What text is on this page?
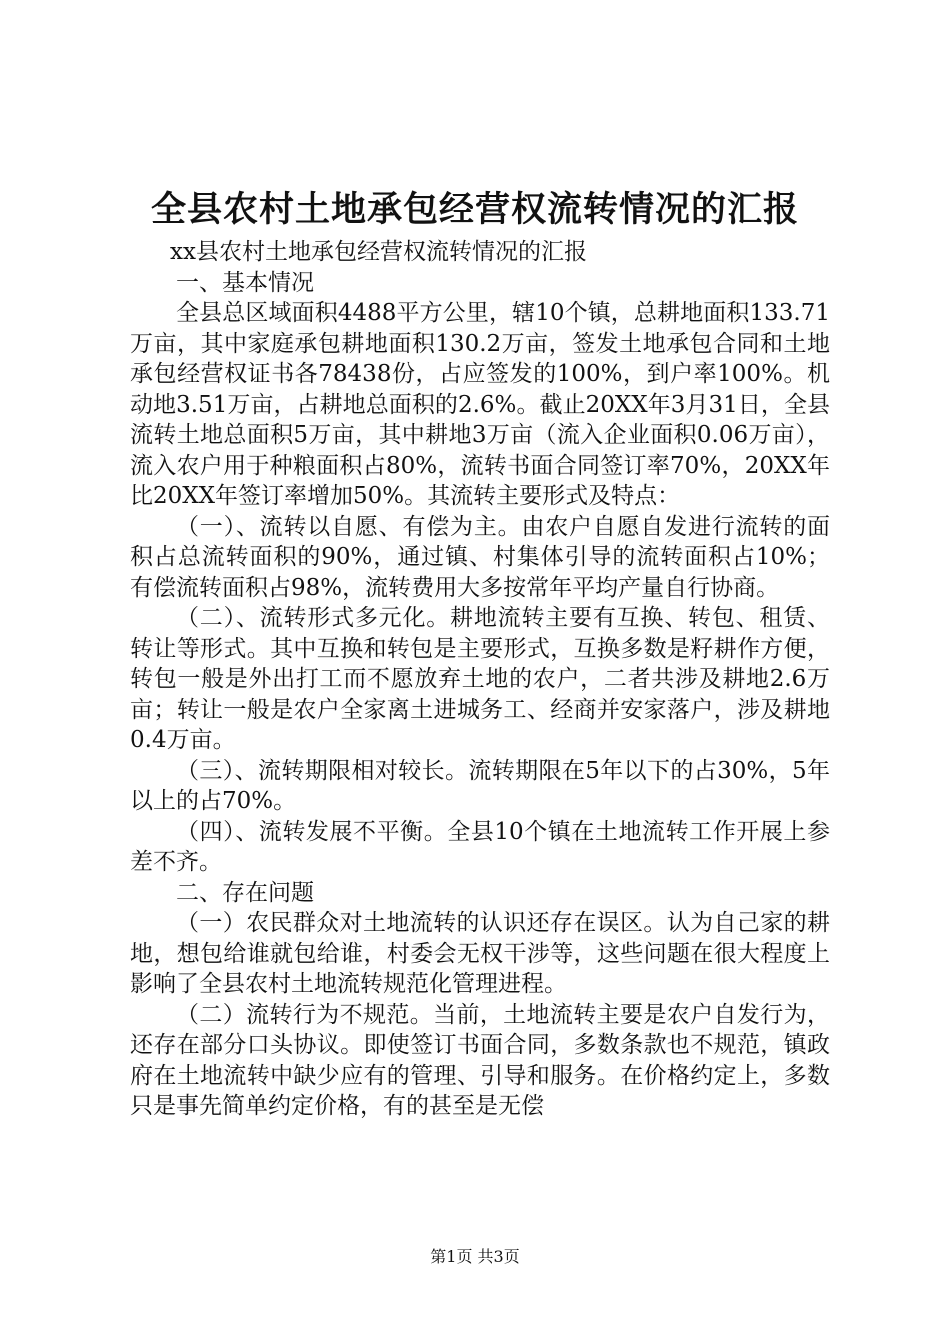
全县农村土地承包经营权流转情况的汇报

xx县农村土地承包经营权流转情况的汇报

一、基本情况

全县总区域面积4488平方公里，辖10个镇，总耕地面积133.71万亩，其中家庭承包耕地面积130.2万亩，签发土地承包合同和土地承包经营权证书各78438份，占应签发的100%，到户率100%。机动地3.51万亩，占耕地总面积的2.6%。截止20XX年3月31日，全县流转土地总面积5万亩，其中耕地3万亩（流入企业面积0.06万亩），流入农户用于种粮面积占80%，流转书面合同签订率70%，20XX年比20XX年签订率增加50%。其流转主要形式及特点：

（一）、流转以自愿、有偿为主。由农户自愿自发进行流转的面积占总流转面积的90%，通过镇、村集体引导的流转面积占10%；有偿流转面积占98%，流转费用大多按常年平均产量自行协商。

（二）、流转形式多元化。耕地流转主要有互换、转包、租赁、转让等形式。其中互换和转包是主要形式，互换多数是籽耕作方便，转包一般是外出打工而不愿放弃土地的农户，二者共涉及耕地2.6万亩；转让一般是农户全家离土进城务工、经商并安家落户，涉及耕地0.4万亩。

（三）、流转期限相对较长。流转期限在5年以下的占30%，5年以上的占70%。

（四）、流转发展不平衡。全县10个镇在土地流转工作开展上参差不齐。

二、存在问题

（一）农民群众对土地流转的认识还存在误区。认为自己家的耕地，想包给谁就包给谁，村委会无权干涉等，这些问题在很大程度上影响了全县农村土地流转规范化管理进程。

（二）流转行为不规范。当前，土地流转主要是农户自发行为，还存在部分口头协议。即使签订书面合同，多数条款也不规范，镇政府在土地流转中缺少应有的管理、引导和服务。在价格约定上，多数只是事先简单约定价格，有的甚至是无偿

第1页 共3页
